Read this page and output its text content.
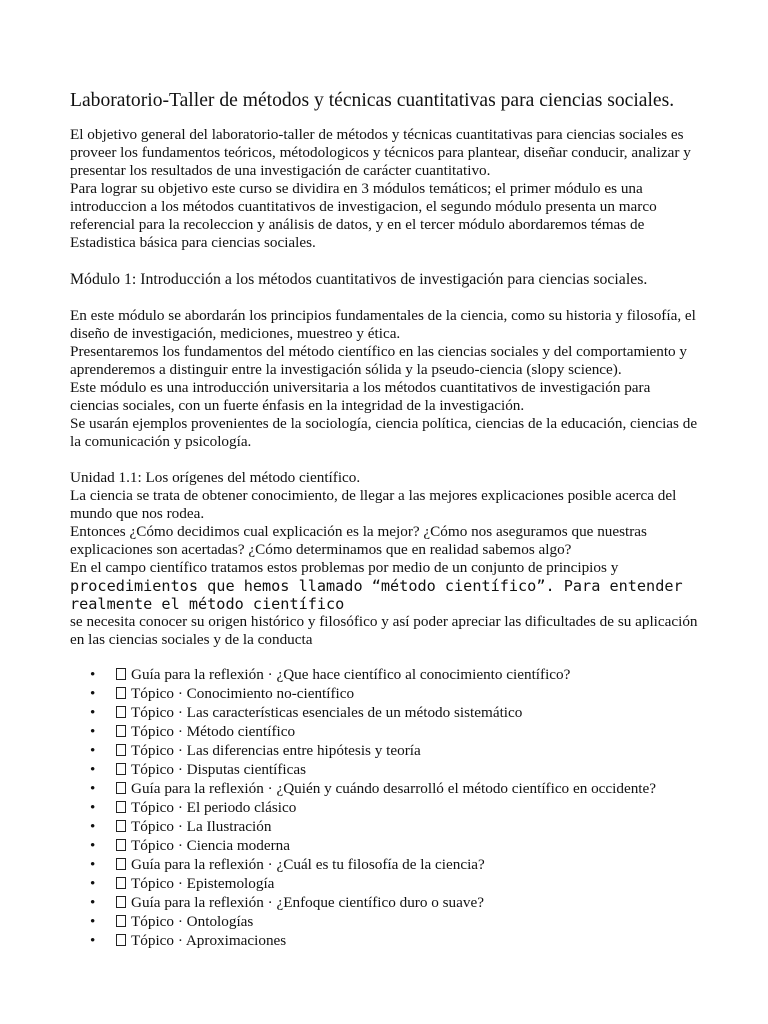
Laboratorio-Taller de métodos y técnicas cuantitativas para ciencias sociales.

El objetivo general del laboratorio-taller de métodos y técnicas cuantitativas para ciencias sociales es

proveer los fundamentos teóricos, métodologicos y técnicos para plantear, diseñar conducir, analizar y

presentar los resultados de una investigación de carácter cuantitativo.

Para lograr su objetivo este curso se dividira en 3 módulos temáticos; el primer módulo es una

introduccion a los métodos cuantitativos de investigacion, el segundo módulo presenta un marco

referencial para la recoleccion y análisis de datos, y en el tercer módulo abordaremos témas de

Estadistica básica para ciencias sociales.

Módulo 1: Introducción a los métodos cuantitativos de investigación para ciencias sociales.

En este módulo se abordarán los principios fundamentales de la ciencia, como su historia y filosofía, el

diseño de investigación, mediciones, muestreo y ética.

Presentaremos los fundamentos del método científico en las ciencias sociales y del comportamiento y

aprenderemos a distinguir entre la investigación sólida y la pseudo-ciencia (slopy science).

Este módulo es una introducción universitaria a los métodos cuantitativos de investigación para

ciencias sociales, con un fuerte énfasis en la integridad de la investigación.

Se usarán ejemplos provenientes de la sociología, ciencia política, ciencias de la educación, ciencias de

la comunicación y psicología.

Unidad 1.1: Los orígenes del método científico.

La ciencia se trata de obtener conocimiento, de llegar a las mejores explicaciones posible acerca del

mundo que nos rodea.

Entonces ¿Cómo decidimos cual explicación es la mejor? ¿Cómo nos aseguramos que nuestras

explicaciones son acertadas? ¿Cómo determinamos que en realidad sabemos algo?

En el campo científico tratamos estos problemas por medio de un conjunto de principios y

procedimientos que hemos llamado “método científico”. Para entender realmente el método científico

se necesita conocer su origen histórico y filosófico y así poder apreciar las dificultades de su aplicación

en las ciencias sociales y de la conducta

• Guía para la reflexión · ¿Que hace científico al conocimiento científico?
• Tópico · Conocimiento no-científico
• Tópico · Las características esenciales de un método sistemático
• Tópico · Método científico
• Tópico · Las diferencias entre hipótesis y teoría
• Tópico · Disputas científicas
• Guía para la reflexión · ¿Quién y cuándo desarrolló el método científico en occidente?
• Tópico · El periodo clásico
• Tópico · La Ilustración
• Tópico · Ciencia moderna
• Guía para la reflexión · ¿Cuál es tu filosofía de la ciencia?
• Tópico · Epistemología
• Guía para la reflexión · ¿Enfoque científico duro o suave?
• Tópico · Ontologías
• Tópico · Aproximaciones
